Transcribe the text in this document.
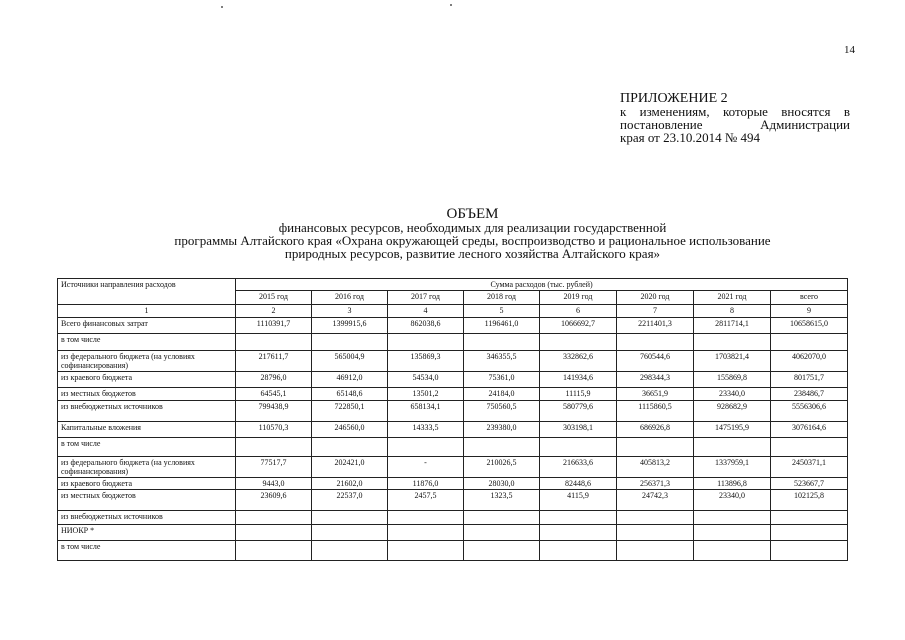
14
ПРИЛОЖЕНИЕ 2
к изменениям, которые вносятся в
постановление Администрации
края от 23.10.2014 № 494
ОБЪЕМ
финансовых ресурсов, необходимых для реализации государственной
программы Алтайского края «Охрана окружающей среды, воспроизводство и рациональное использование
природных ресурсов, развитие лесного хозяйства Алтайского края»
Источники направления расходов	Сумма расходов (тыс. рублей)							
	2015 год	2016 год	2017 год	2018 год	2019 год	2020 год	2021 год	всего
1	2	3	4	5	6	7	8	9
Всего финансовых затрат	1110391,7	1399915,6	862038,6	1196461,0	1066692,7	2211401,3	2811714,1	10658615,0
в том числе								
из федерального бюджета (на условиях софинансирования)	217611,7	565004,9	135869,3	346355,5	332862,6	760544,6	1703821,4	4062070,0
из краевого бюджета	28796,0	46912,0	54534,0	75361,0	141934,6	298344,3	155869,8	801751,7
из местных бюджетов	64545,1	65148,6	13501,2	24184,0	11115,9	36651,9	23340,0	238486,7
из внебюджетных источников	799438,9	722850,1	658134,1	750560,5	580779,6	1115860,5	928682,9	5556306,6
Капитальные вложения	110570,3	246560,0	14333,5	239380,0	303198,1	686926,8	1475195,9	3076164,6
в том числе								
из федерального бюджета (на условиях софинансирования)	77517,7	202421,0	-	210026,5	216633,6	405813,2	1337959,1	2450371,1
из краевого бюджета	9443,0	21602,0	11876,0	28030,0	82448,6	256371,3	113896,8	523667,7
из местных бюджетов	23609,6	22537,0	2457,5	1323,5	4115,9	24742,3	23340,0	102125,8
из внебюджетных источников								
НИОКР *								
в том числе								
